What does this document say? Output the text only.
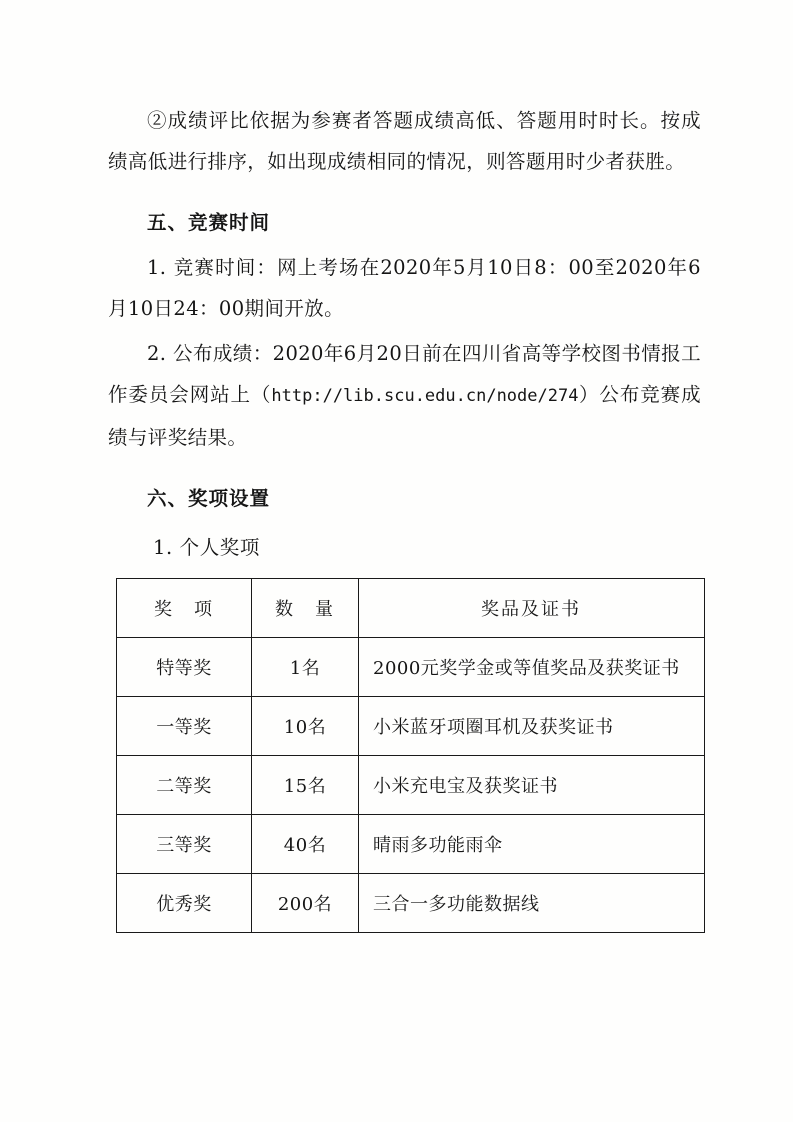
②成绩评比依据为参赛者答题成绩高低、答题用时时长。按成绩高低进行排序，如出现成绩相同的情况，则答题用时少者获胜。

五、竞赛时间

1. 竞赛时间：网上考场在2020年5月10日8：00至2020年6月10日24：00期间开放。

2. 公布成绩：2020年6月20日前在四川省高等学校图书情报工作委员会网站上（http://lib.scu.edu.cn/node/274）公布竞赛成绩与评奖结果。

六、奖项设置

1. 个人奖项

奖　项	数　量	奖品及证书
特等奖	1名	2000元奖学金或等值奖品及获奖证书
一等奖	10名	小米蓝牙项圈耳机及获奖证书
二等奖	15名	小米充电宝及获奖证书
三等奖	40名	晴雨多功能雨伞
优秀奖	200名	三合一多功能数据线
